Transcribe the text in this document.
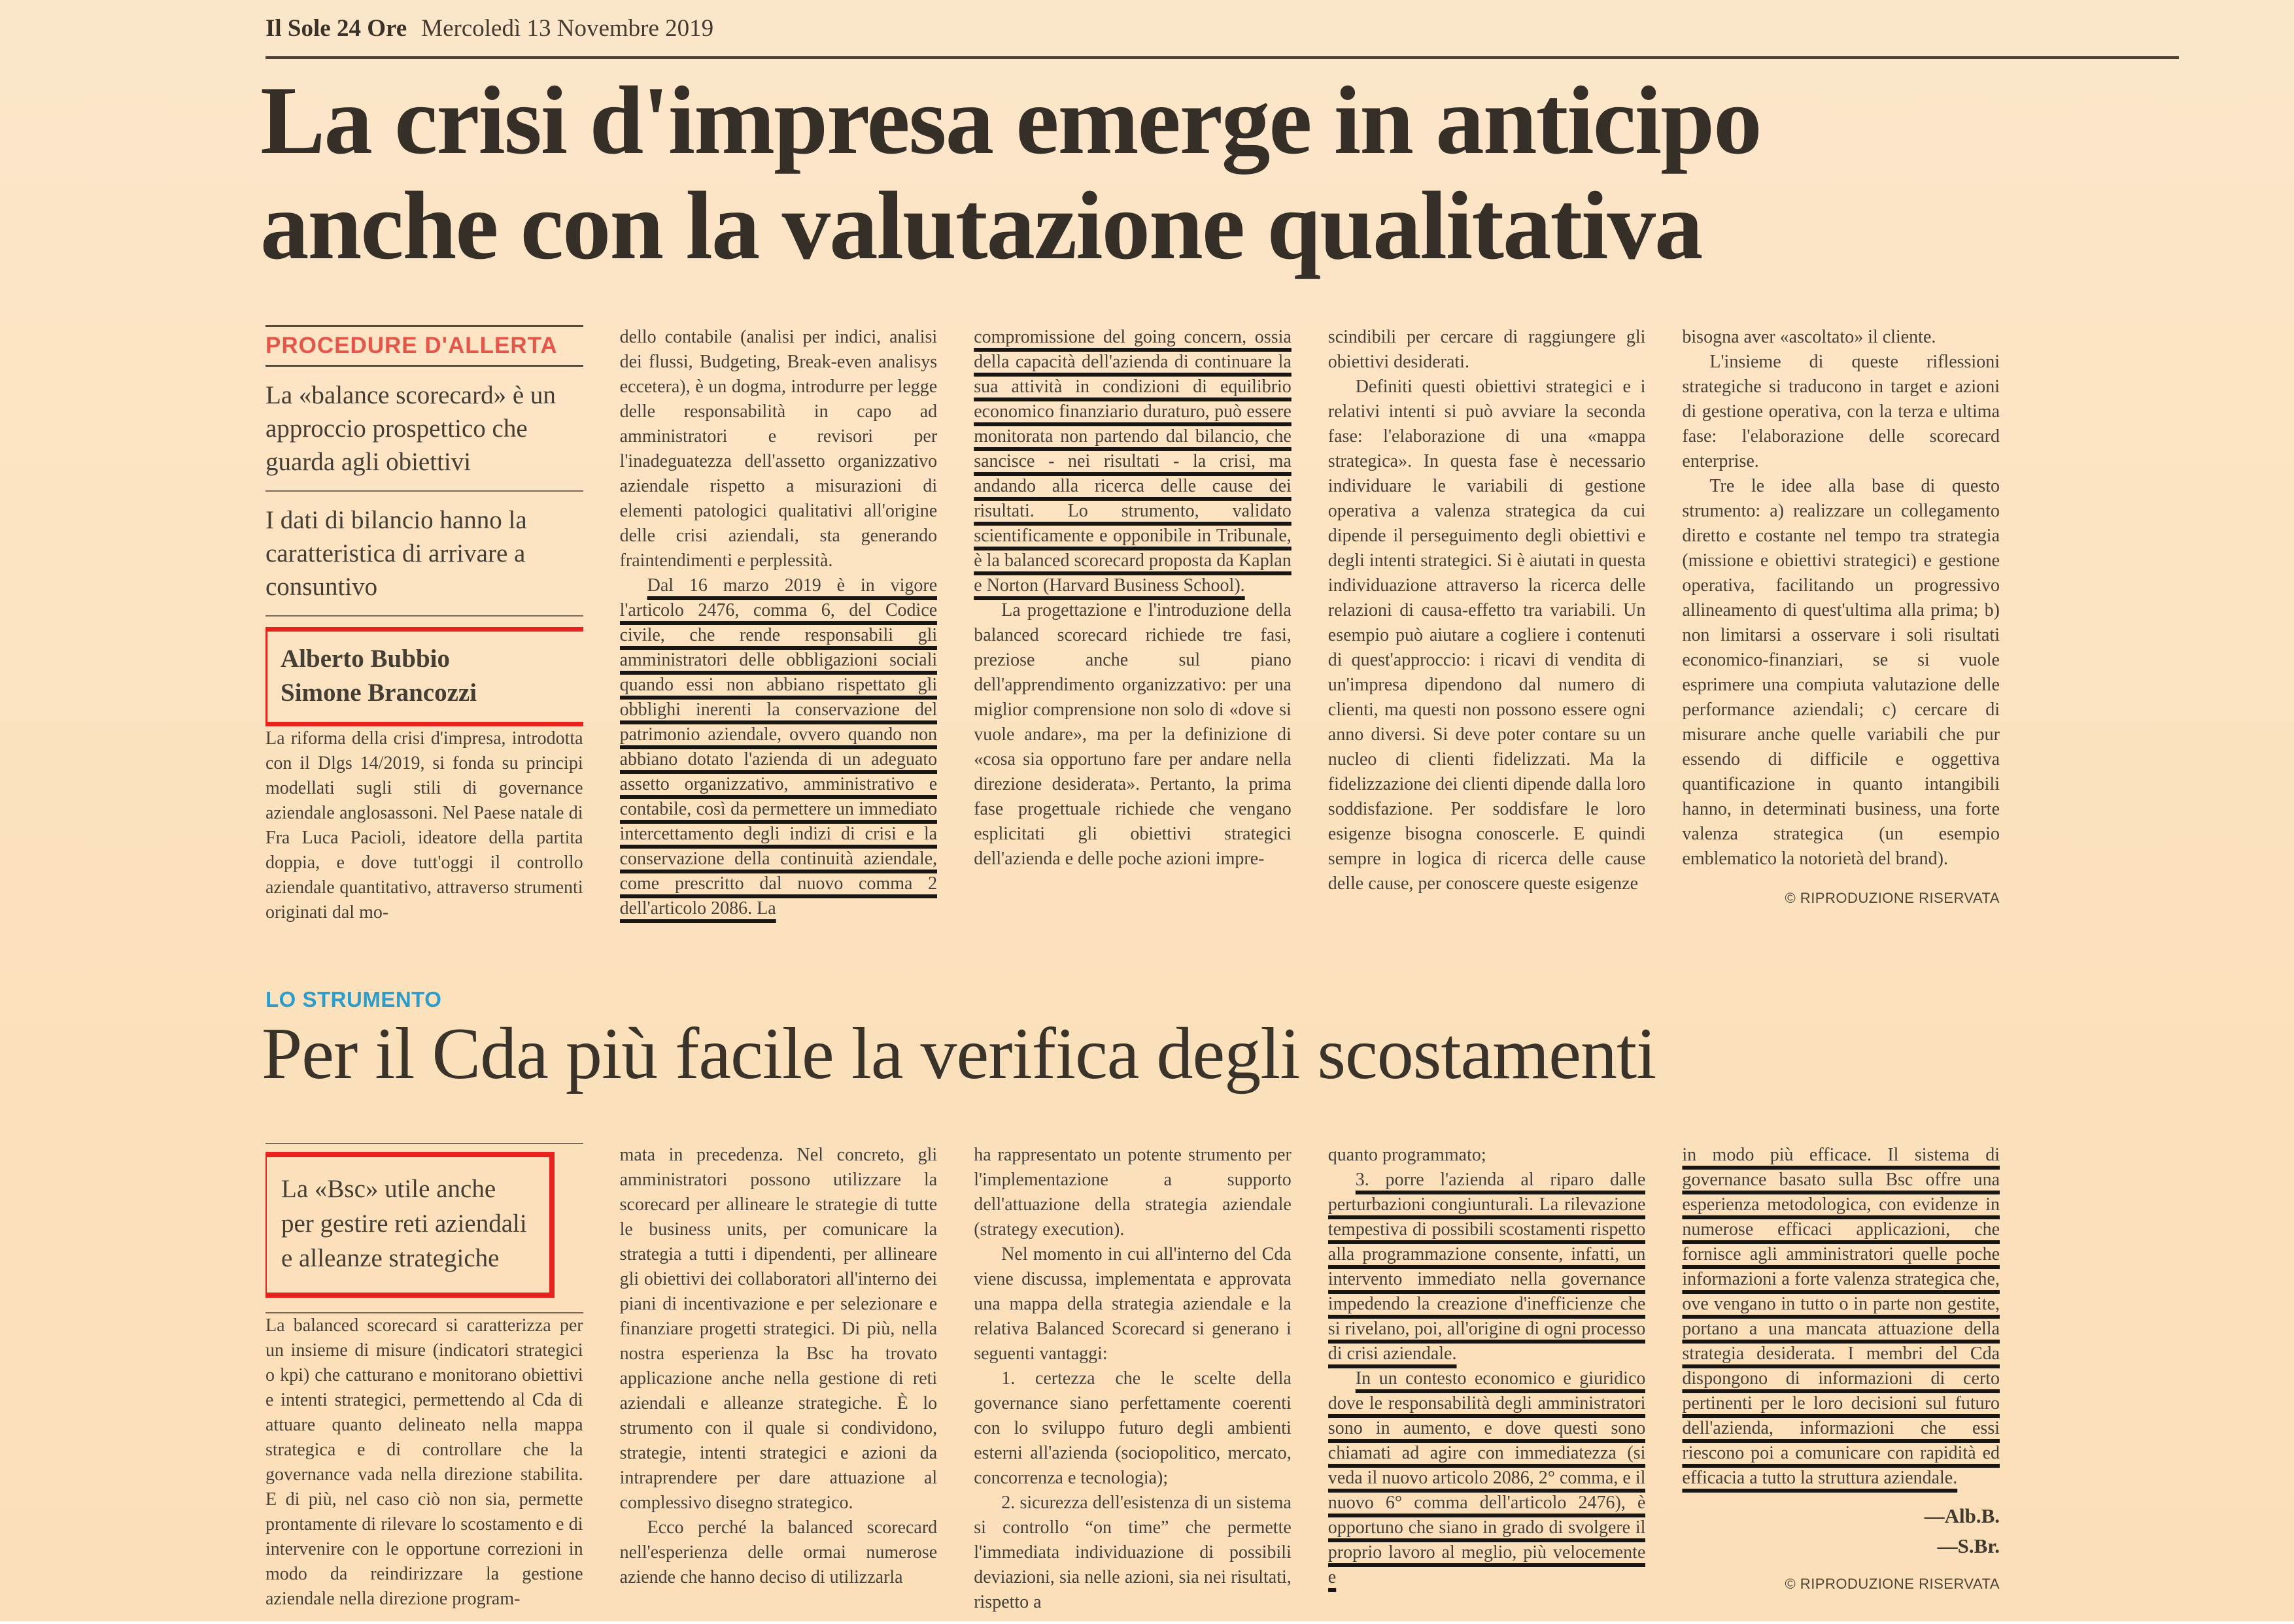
Il Sole 24 Ore Mercoledì 13 Novembre 2019
La crisi d'impresa emerge in anticipo
anche con la valutazione qualitativa
PROCEDURE D'ALLERTA
La «balance scorecard» è un approccio prospettico che guarda agli obiettivi
I dati di bilancio hanno la caratteristica di arrivare a consuntivo
Alberto Bubbio
Simone Brancozzi

La riforma della crisi d'impresa, introdotta con il Dlgs 14/2019, si fonda su principi modellati sugli stili di governance aziendale anglosassoni. Nel Paese natale di Fra Luca Pacioli, ideatore della partita doppia, e dove tutt'oggi il controllo aziendale quantitativo, attraverso strumenti originati dal mo-

dello contabile (analisi per indici, analisi dei flussi, Budgeting, Break-even analisys eccetera), è un dogma, introdurre per legge delle responsabilità in capo ad amministratori e revisori per l'inadeguatezza dell'assetto organizzativo aziendale rispetto a misurazioni di elementi patologici qualitativi all'origine delle crisi aziendali, sta generando fraintendimenti e perplessità.

Dal 16 marzo 2019 è in vigore l'articolo 2476, comma 6, del Codice civile, che rende responsabili gli amministratori delle obbligazioni sociali quando essi non abbiano rispettato gli obblighi inerenti la conservazione del patrimonio aziendale, ovvero quando non abbiano dotato l'azienda di un adeguato assetto organizzativo, amministrativo e contabile, così da permettere un immediato intercettamento degli indizi di crisi e la conservazione della continuità aziendale, come prescritto dal nuovo comma 2 dell'articolo 2086. La

compromissione del going concern, ossia della capacità dell'azienda di continuare la sua attività in condizioni di equilibrio economico finanziario duraturo, può essere monitorata non partendo dal bilancio, che sancisce - nei risultati - la crisi, ma andando alla ricerca delle cause dei risultati. Lo strumento, validato scientificamente e opponibile in Tribunale, è la balanced scorecard proposta da Kaplan e Norton (Harvard Business School).

La progettazione e l'introduzione della balanced scorecard richiede tre fasi, preziose anche sul piano dell'apprendimento organizzativo: per una miglior comprensione non solo di «dove si vuole andare», ma per la definizione di «cosa sia opportuno fare per andare nella direzione desiderata». Pertanto, la prima fase progettuale richiede che vengano esplicitati gli obiettivi strategici dell'azienda e delle poche azioni impre-

scindibili per cercare di raggiungere gli obiettivi desiderati.

Definiti questi obiettivi strategici e i relativi intenti si può avviare la seconda fase: l'elaborazione di una «mappa strategica». In questa fase è necessario individuare le variabili di gestione operativa a valenza strategica da cui dipende il perseguimento degli obiettivi e degli intenti strategici. Si è aiutati in questa individuazione attraverso la ricerca delle relazioni di causa-effetto tra variabili. Un esempio può aiutare a cogliere i contenuti di quest'approccio: i ricavi di vendita di un'impresa dipendono dal numero di clienti, ma questi non possono essere ogni anno diversi. Si deve poter contare su un nucleo di clienti fidelizzati. Ma la fidelizzazione dei clienti dipende dalla loro soddisfazione. Per soddisfare le loro esigenze bisogna conoscerle. E quindi sempre in logica di ricerca delle cause delle cause, per conoscere queste esigenze

bisogna aver «ascoltato» il cliente.

L'insieme di queste riflessioni strategiche si traducono in target e azioni di gestione operativa, con la terza e ultima fase: l'elaborazione delle scorecard enterprise.

Tre le idee alla base di questo strumento: a) realizzare un collegamento diretto e costante nel tempo tra strategia (missione e obiettivi strategici) e gestione operativa, facilitando un progressivo allineamento di quest'ultima alla prima; b) non limitarsi a osservare i soli risultati economico-finanziari, se si vuole esprimere una compiuta valutazione delle performance aziendali; c) cercare di misurare anche quelle variabili che pur essendo di difficile e oggettiva quantificazione in quanto intangibili hanno, in determinati business, una forte valenza strategica (un esempio emblematico la notorietà del brand).

© RIPRODUZIONE RISERVATA
LO STRUMENTO
Per il Cda più facile la verifica degli scostamenti
La «Bsc» utile anche per gestire reti aziendali e alleanze strategiche

La balanced scorecard si caratterizza per un insieme di misure (indicatori strategici o kpi) che catturano e monitorano obiettivi e intenti strategici, permettendo al Cda di attuare quanto delineato nella mappa strategica e di controllare che la governance vada nella direzione stabilita. E di più, nel caso ciò non sia, permette prontamente di rilevare lo scostamento e di intervenire con le opportune correzioni in modo da reindirizzare la gestione aziendale nella direzione program-

mata in precedenza. Nel concreto, gli amministratori possono utilizzare la scorecard per allineare le strategie di tutte le business units, per comunicare la strategia a tutti i dipendenti, per allineare gli obiettivi dei collaboratori all'interno dei piani di incentivazione e per selezionare e finanziare progetti strategici. Di più, nella nostra esperienza la Bsc ha trovato applicazione anche nella gestione di reti aziendali e alleanze strategiche. È lo strumento con il quale si condividono, strategie, intenti strategici e azioni da intraprendere per dare attuazione al complessivo disegno strategico.

Ecco perché la balanced scorecard nell'esperienza delle ormai numerose aziende che hanno deciso di utilizzarla

ha rappresentato un potente strumento per l'implementazione a supporto dell'attuazione della strategia aziendale (strategy execution).

Nel momento in cui all'interno del Cda viene discussa, implementata e approvata una mappa della strategia aziendale e la relativa Balanced Scorecard si generano i seguenti vantaggi:

1. certezza che le scelte della governance siano perfettamente coerenti con lo sviluppo futuro degli ambienti esterni all'azienda (sociopolitico, mercato, concorrenza e tecnologia);

2. sicurezza dell'esistenza di un sistema si controllo “on time” che permette l'immediata individuazione di possibili deviazioni, sia nelle azioni, sia nei risultati, rispetto a

quanto programmato;

3. porre l'azienda al riparo dalle perturbazioni congiunturali. La rilevazione tempestiva di possibili scostamenti rispetto alla programmazione consente, infatti, un intervento immediato nella governance impedendo la creazione d'inefficienze che si rivelano, poi, all'origine di ogni processo di crisi aziendale.

In un contesto economico e giuridico dove le responsabilità degli amministratori sono in aumento, e dove questi sono chiamati ad agire con immediatezza (si veda il nuovo articolo 2086, 2° comma, e il nuovo 6° comma dell'articolo 2476), è opportuno che siano in grado di svolgere il proprio lavoro al meglio, più velocemente e

in modo più efficace. Il sistema di governance basato sulla Bsc offre una esperienza metodologica, con evidenze in numerose efficaci applicazioni, che fornisce agli amministratori quelle poche informazioni a forte valenza strategica che, ove vengano in tutto o in parte non gestite, portano a una mancata attuazione della strategia desiderata. I membri del Cda dispongono di informazioni di certo pertinenti per le loro decisioni sul futuro dell'azienda, informazioni che essi riescono poi a comunicare con rapidità ed efficacia a tutto la struttura aziendale.

—Alb.B.
—S.Br.
© RIPRODUZIONE RISERVATA
